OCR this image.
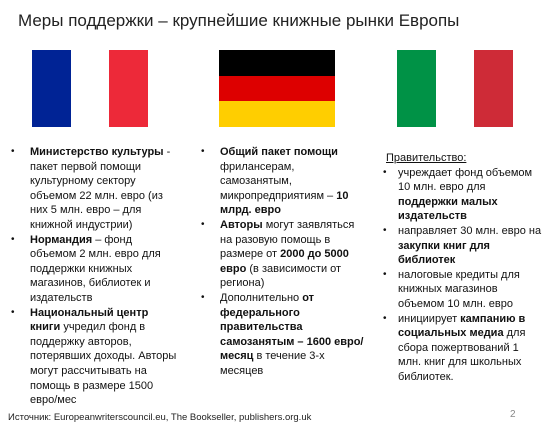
Меры поддержки – крупнейшие книжные рынки Европы
• Министерство культуры - пакет первой помощи культурному сектору объемом 22 млн. евро (из них 5 млн. евро – для книжной индустрии)
• Нормандия – фонд объемом 2 млн. евро для поддержки книжных магазинов, библиотек и издательств
• Национальный центр книги учредил фонд в поддержку авторов, потерявших доходы. Авторы могут рассчитывать на помощь в размере 1500 евро/мес
• Общий пакет помощи фрилансерам, самозанятым, микропредприятиям – 10 млрд. евро
• Авторы могут заявляться на разовую помощь в размере от 2000 до 5000 евро (в зависимости от региона)
• Дополнительно от федерального правительства самозанятым – 1600 евро/месяц в течение 3-х месяцев
Правительство:
• учреждает фонд объемом 10 млн. евро для поддержки малых издательств
• направляет 30 млн. евро на закупки книг для библиотек
• налоговые кредиты для книжных магазинов объемом 10 млн. евро
• инициирует кампанию в социальных медиа для сбора пожертвований 1 млн. книг для школьных библиотек.
Источник: Europeanwriterscouncil.eu, The Bookseller, publishers.org.uk	2
